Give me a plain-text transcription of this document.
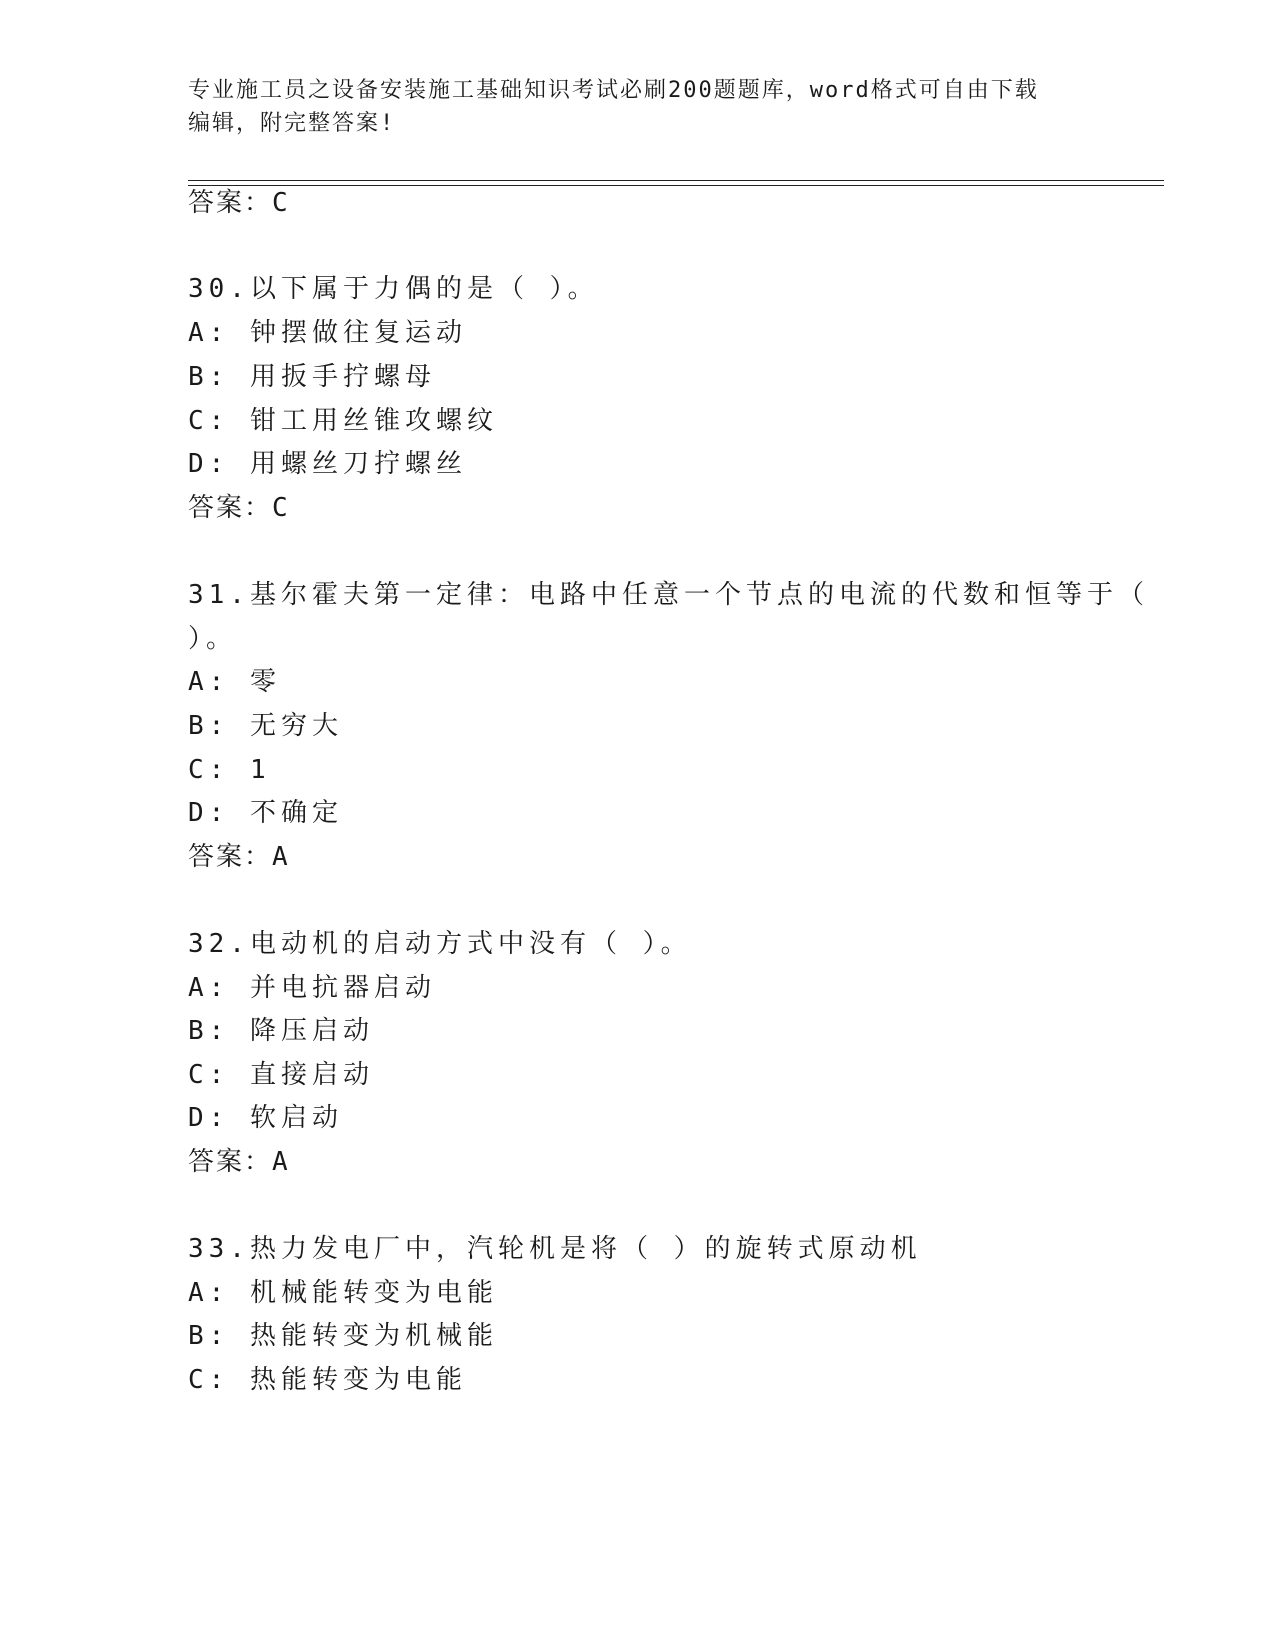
专业施工员之设备安装施工基础知识考试必刷200题题库，word格式可自由下载
编辑，附完整答案!
答案：C
30.以下属于力偶的是（ ）。
A: 钟摆做往复运动
B: 用扳手拧螺母
C: 钳工用丝锥攻螺纹
D: 用螺丝刀拧螺丝
答案：C
31.基尔霍夫第一定律：电路中任意一个节点的电流的代数和恒等于（
）。
A: 零
B: 无穷大
C: 1
D: 不确定
答案：A
32.电动机的启动方式中没有（ ）。
A: 并电抗器启动
B: 降压启动
C: 直接启动
D: 软启动
答案：A
33.热力发电厂中，汽轮机是将（ ）的旋转式原动机
A: 机械能转变为电能
B: 热能转变为机械能
C: 热能转变为电能
